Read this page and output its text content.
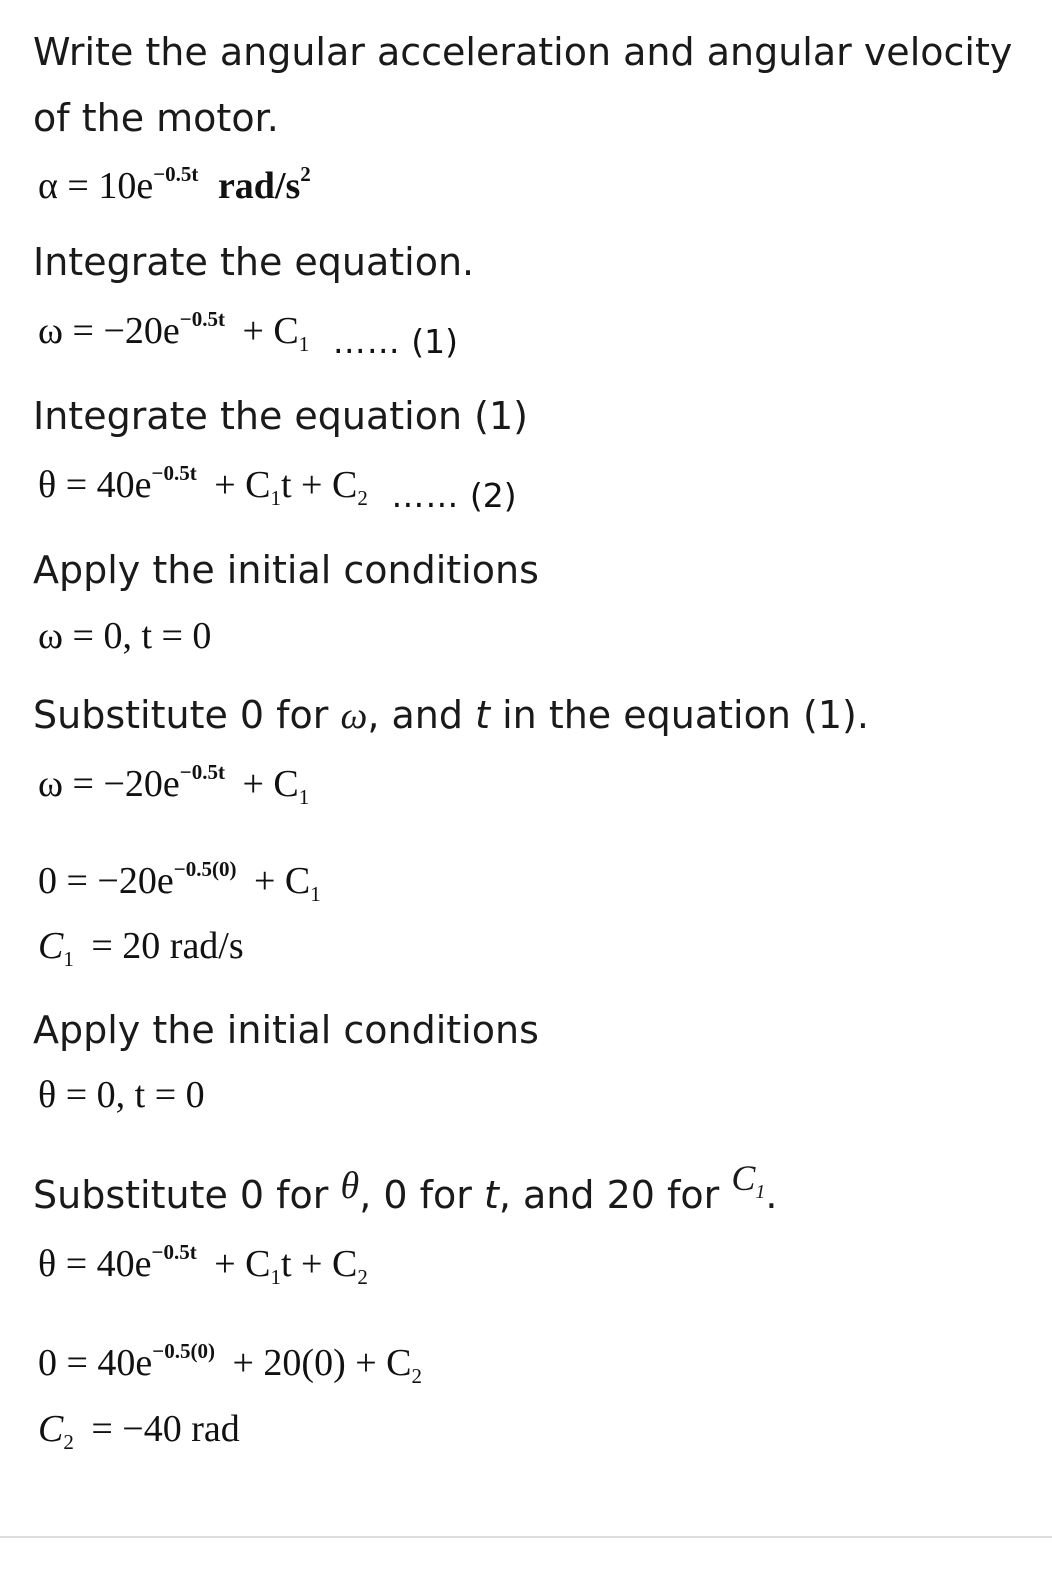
Write the angular acceleration and angular velocity
of the motor.
$\alpha = 10e^{-0.5t}$ rad/$s^2$
Integrate the equation.
$\omega = -20e^{-0.5t} + C_1$ …… (1)
Integrate the equation (1)
$\theta = 40e^{-0.5t} + C_1t + C_2$ …… (2)
Apply the initial conditions
ω = 0, t = 0
Substitute 0 for ω, and t in the equation (1).
$\omega = -20e^{-0.5t} + C_1$
$0 = -20e^{-0.5(0)} + C_1$
$C_1 = 20$ rad/s
Apply the initial conditions
θ = 0, t = 0
Substitute 0 for θ, 0 for t, and 20 for $C_1$.
$\theta = 40e^{-0.5t} + C_1t + C_2$
$0 = 40e^{-0.5(0)} + 20(0) + C_2$
$C_2 = -40$ rad
